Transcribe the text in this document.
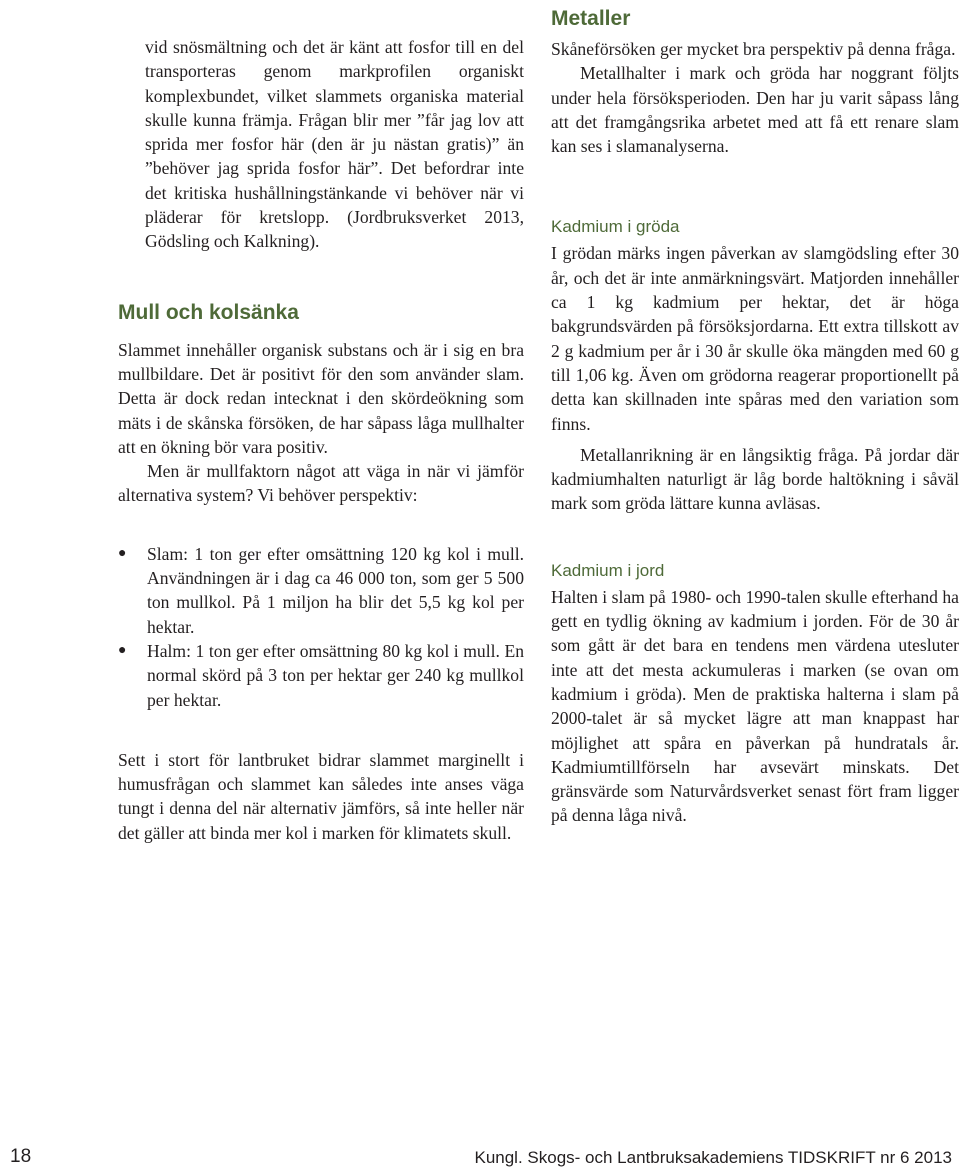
vid snösmältning och det är känt att fosfor till en del transporteras genom markprofilen organiskt komplexbundet, vilket slammets organiska material skulle kunna främja. Frågan blir mer ”får jag lov att sprida mer fosfor här (den är ju nästan gratis)” än ”behöver jag sprida fosfor här”. Det befordrar inte det kritiska hushållningstänkande vi behöver när vi pläderar för kretslopp. (Jordbruksverket 2013, Gödsling och Kalkning).

Mull och kolsänka

Slammet innehåller organisk substans och är i sig en bra mullbildare. Det är positivt för den som använder slam. Detta är dock redan intecknat i den skördeökning som mäts i de skånska försöken, de har såpass låga mullhalter att en ökning bör vara positiv.

Men är mullfaktorn något att väga in när vi jämför alternativa system? Vi behöver perspektiv:

● Slam: 1 ton ger efter omsättning 120 kg kol i mull. Användningen är i dag ca 46 000 ton, som ger 5 500 ton mullkol. På 1 miljon ha blir det 5,5 kg kol per hektar.

● Halm: 1 ton ger efter omsättning 80 kg kol i mull. En normal skörd på 3 ton per hektar ger 240 kg mullkol per hektar.

Sett i stort för lantbruket bidrar slammet marginellt i humusfrågan och slammet kan således inte anses väga tungt i denna del när alternativ jämförs, så inte heller när det gäller att binda mer kol i marken för klimatets skull.

Metaller

Skåneförsöken ger mycket bra perspektiv på denna fråga.

Metallhalter i mark och gröda har noggrant följts under hela försöksperioden. Den har ju varit såpass lång att det framgångsrika arbetet med att få ett renare slam kan ses i slamanalyserna.

Kadmium i gröda

I grödan märks ingen påverkan av slamgödsling efter 30 år, och det är inte anmärkningsvärt. Matjorden innehåller ca 1 kg kadmium per hektar, det är höga bakgrundsvärden på försöksjordarna. Ett extra tillskott av 2 g kadmium per år i 30 år skulle öka mängden med 60 g till 1,06 kg. Även om grödorna reagerar proportionellt på detta kan skillnaden inte spåras med den variation som finns.

Metallanrikning är en långsiktig fråga. På jordar där kadmiumhalten naturligt är låg borde haltökning i såväl mark som gröda lättare kunna avläsas.

Kadmium i jord

Halten i slam på 1980- och 1990-talen skulle efterhand ha gett en tydlig ökning av kadmium i jorden. För de 30 år som gått är det bara en tendens men värdena utesluter inte att det mesta ackumuleras i marken (se ovan om kadmium i gröda). Men de praktiska halterna i slam på 2000-talet är så mycket lägre att man knappast har möjlighet att spåra en påverkan på hundratals år. Kadmiumtillförseln har avsevärt minskats. Det gränsvärde som Naturvårdsverket senast fört fram ligger på denna låga nivå.

18	Kungl. Skogs- och Lantbruksakademiens TIDSKRIFT nr 6 2013
